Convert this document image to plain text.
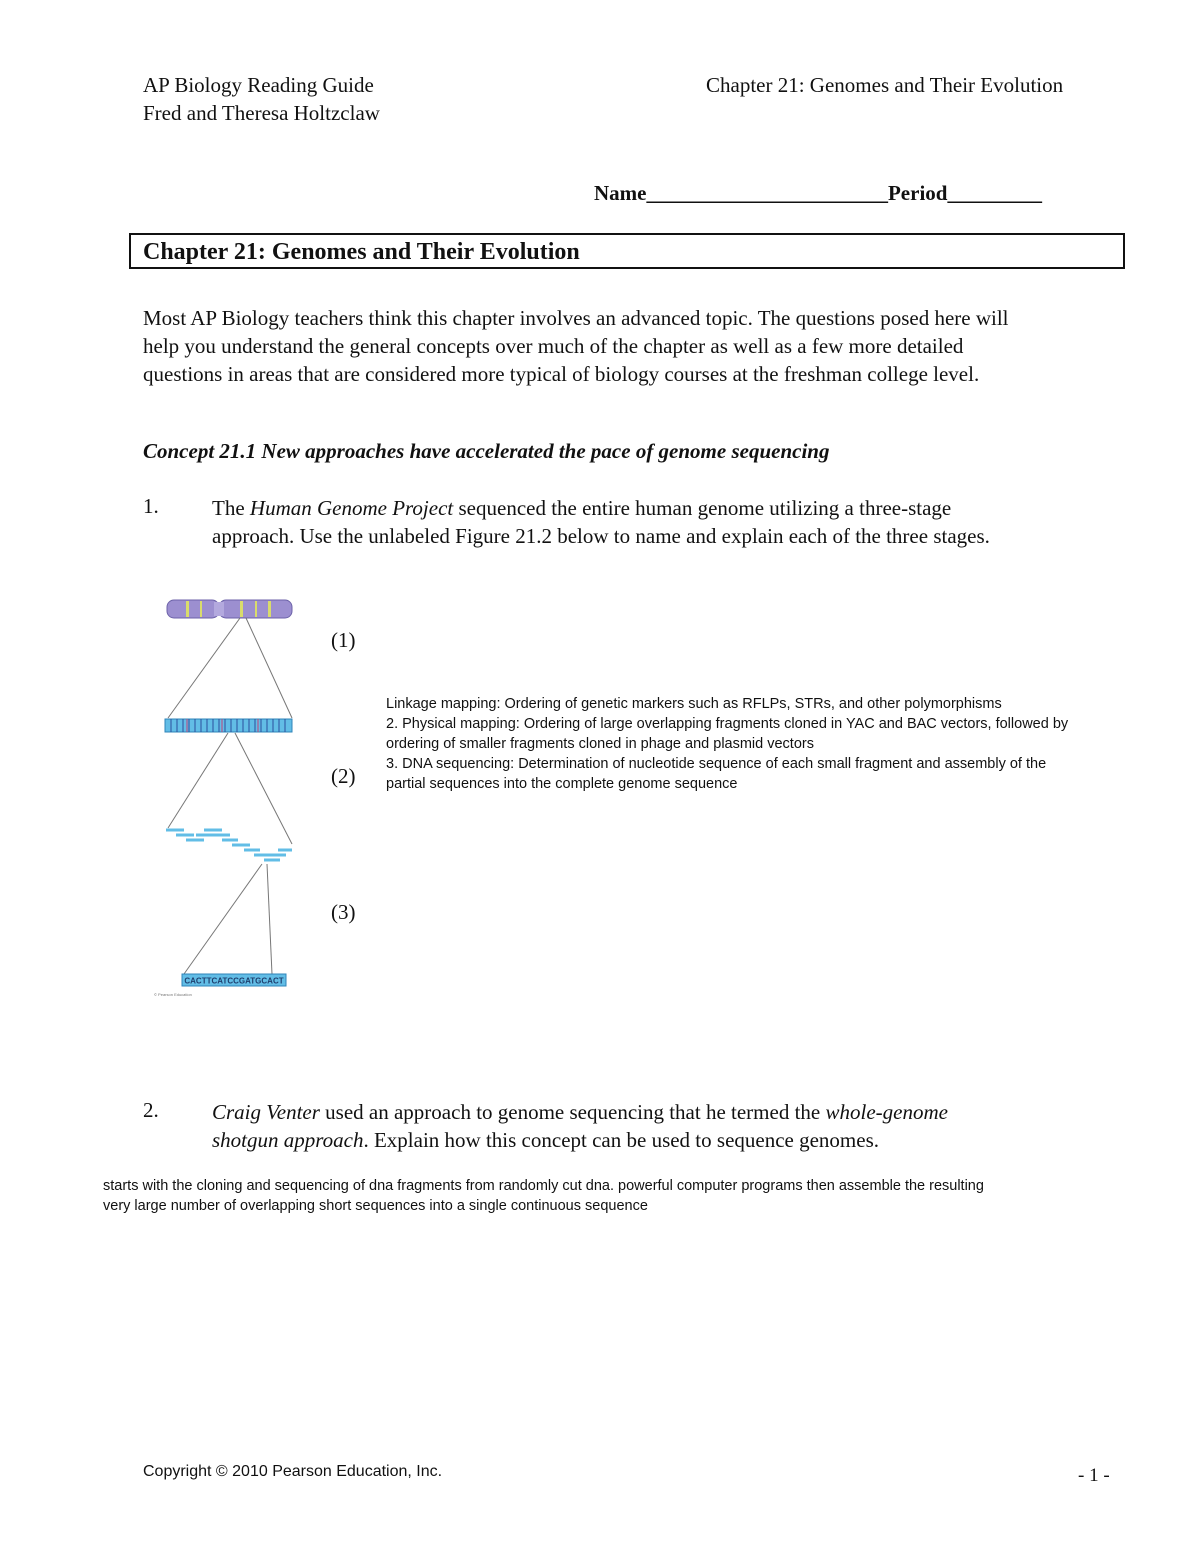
AP Biology Reading Guide
Fred and Theresa Holtzclaw
Chapter 21: Genomes and Their Evolution
Name_______________________Period_________
Chapter 21: Genomes and Their Evolution
Most AP Biology teachers think this chapter involves an advanced topic. The questions posed here will
help you understand the general concepts over much of the chapter as well as a few more detailed
questions in areas that are considered more typical of biology courses at the freshman college level.
Concept 21.1 New approaches have accelerated the pace of genome sequencing
1.	The Human Genome Project sequenced the entire human genome utilizing a three-stage
approach. Use the unlabeled Figure 21.2 below to name and explain each of the three stages.
CACTTCATCCGATGCACT
© Pearson Education
(1)
(2)
(3)
Linkage mapping: Ordering of genetic markers such as RFLPs, STRs, and other polymorphisms
2. Physical mapping: Ordering of large overlapping fragments cloned in YAC and BAC vectors, followed by
ordering of smaller fragments cloned in phage and plasmid vectors
3. DNA sequencing: Determination of nucleotide sequence of each small fragment and assembly of the
partial sequences into the complete genome sequence
2.	Craig Venter used an approach to genome sequencing that he termed the whole-genome
shotgun approach. Explain how this concept can be used to sequence genomes.
starts with the cloning and sequencing of dna fragments from randomly cut dna. powerful computer programs then assemble the resulting
very large number of overlapping short sequences into a single continuous sequence
Copyright © 2010 Pearson Education, Inc.	- 1 -
